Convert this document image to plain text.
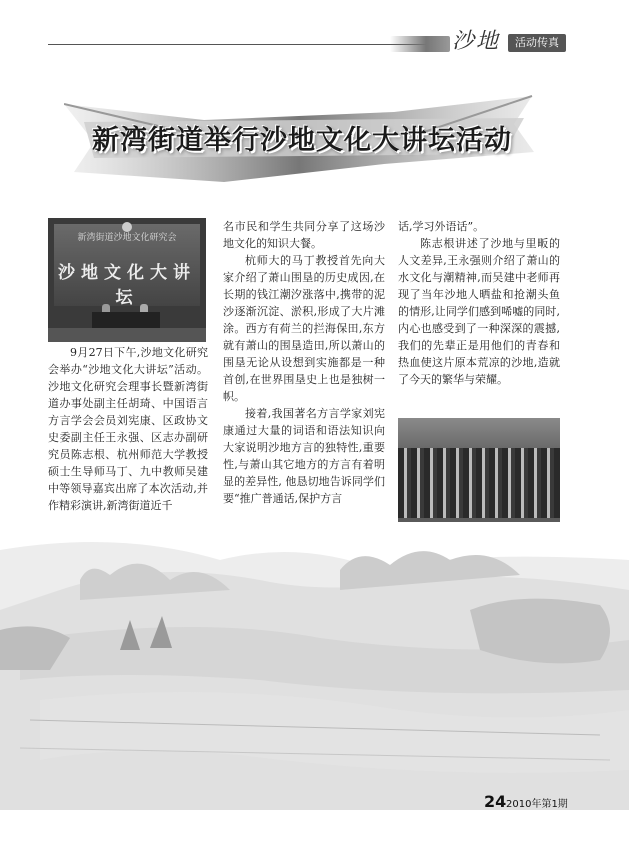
沙地	活动传真
新湾街道举行沙地文化大讲坛活动
新湾街道沙地文化研究会
沙地文化大讲坛

9月27日下午,沙地文化研究会举办“沙地文化大讲坛”活动。沙地文化研究会理事长暨新湾街道办事处副主任胡琦、中国语言方言学会会员刘宪康、区政协文史委副主任王永强、区志办副研究员陈志根、杭州师范大学教授硕士生导师马丁、九中教师吴建中等领导嘉宾出席了本次活动,并作精彩演讲,新湾街道近千

名市民和学生共同分享了这场沙地文化的知识大餐。

杭师大的马丁教授首先向大家介绍了萧山围垦的历史成因,在长期的钱江潮汐涨落中,携带的泥沙逐渐沉淀、淤积,形成了大片滩涂。西方有荷兰的拦海保田,东方就有萧山的围垦造田,所以萧山的围垦无论从设想到实施都是一种首创,在世界围垦史上也是独树一帜。

接着,我国著名方言学家刘宪康通过大量的词语和语法知识向大家说明沙地方言的独特性,重要性,与萧山其它地方的方言有着明显的差异性, 他恳切地告诉同学们要“推广普通话,保护方言

话,学习外语话”。

陈志根讲述了沙地与里畈的人文差异,王永强则介绍了萧山的水文化与潮精神,而吴建中老师再现了当年沙地人晒盐和抢潮头鱼的情形,让同学们感到唏嘘的同时,内心也感受到了一种深深的震撼,我们的先辈正是用他们的青春和热血使这片原本荒凉的沙地,造就了今天的繁华与荣耀。

24 2010年第1期
